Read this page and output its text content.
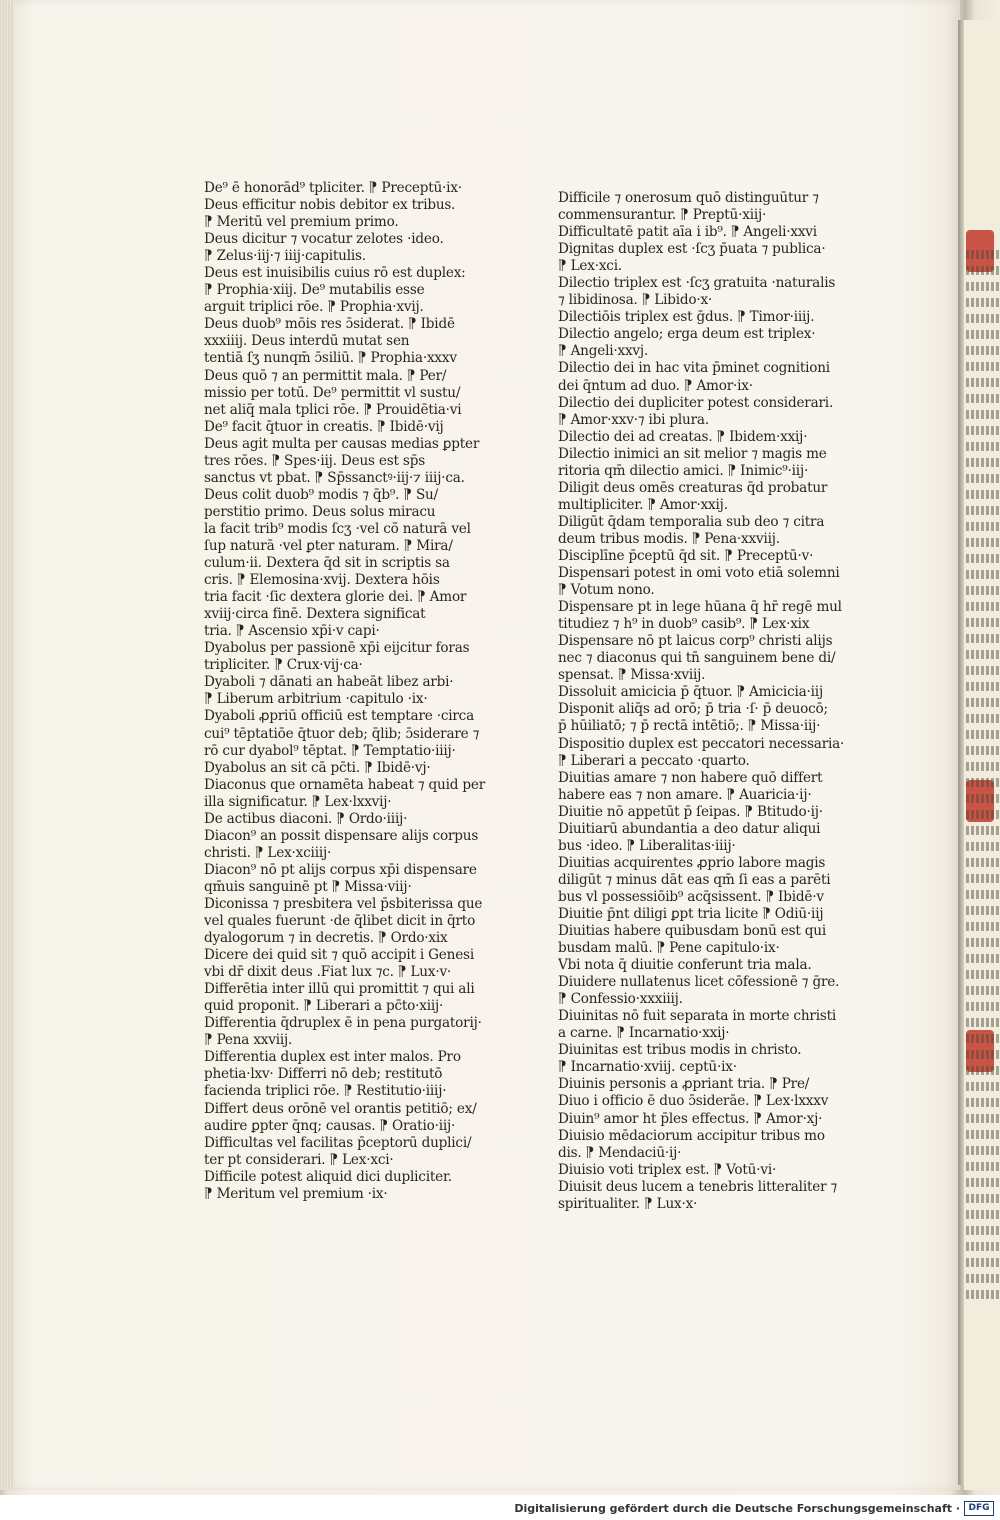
De⁹ ē honorād⁹ t̄pliciter. ⁋ Preceptū·ix·
Deus efficitur nobis debitor ex tribus.
⁋ Meritū vel premium primo.
Deus dicitur ⁊ vocatur zelotes ·ideo.
⁋ Zelus·iij·⁊ iiij·capitulis.
Deus est inuisibilis cuius rō est duplex:
⁋ Prophia·xiij. De⁹ mutabilis esse
arguit̄ triplici rōe. ⁋ Prophia·xvij.
Deus duob⁹ mōis res ɔ̄siderat. ⁋ Ibidē
xxxiiij. Deus interdū mutat sen
tentiā ſʒ nunqm̄ ɔ̄siliū. ⁋ Prophia·xxxv
Deus quō ⁊ an permittit mala. ⁋ Per/
missio per totū. De⁹ permittit vl̄ sustu/
net aliq̄ mala t̄plici rōe. ⁋ Prouidētia·vi
De⁹ facit q̄tuor in creatis. ⁋ Ibidē·vij
Deus agit multa per causas medias ꝑpter
tres rōes. ⁋ Spes·iij. Deus est sp̄s
sanctus vt pbat̄. ⁋ Sp̄ssanctꝰ·iij·⁊ iiij·ca.
Deus colit̄ duob⁹ modis ⁊ q̄b⁹. ⁋ Su/
perstitio primo. Deus solus miracu
la facit trib⁹ modis ſcʒ ·vel cō̄ naturā vel
ſup naturā ·vel ꝑter naturam. ⁋ Mira/
culum·ii. Dextera q̄d sit in scriptis sa
cris. ⁋ Elemosina·xvij. Dextera hōis
tria facit ·ſic dextera glorie dei. ⁋ Amor
xviij·circa finē. Dextera significat
tria. ⁋ Ascensio xp̄i·v capi·
Dyabolus per passionē xp̄i eijcitur foras
tripliciter. ⁋ Crux·vij·ca·
Dyaboli ⁊ dānati an habeāt libez arbi·
⁋ Liberum arbitrium ·capitulo ·ix·
Dyaboli ꝓpriū officiū est temptare ·circa
cui⁹ tēptatiōe q̄tuor deb; q̄lib; ɔ̄siderare ⁊
rō cur dyabol⁹ tēptat. ⁋ Temptatio·iiij·
Dyabolus an sit cā pc̄ti. ⁋ Ibidē·vj·
Diaconus que ornamēta habeat ⁊ quid per
illa significatur. ⁋ Lex·lxxvij·
De actibus diaconi. ⁋ Ordo·iiij·
Diacon⁹ an possit dispensare alijs corpus
christi. ⁋ Lex·xciiij·
Diacon⁹ nō pt̄ alijs corpus xp̄i dispensare
qm̄uis sanguinē pt̄ ⁋ Missa·viij·
Diconissa ⁊ presbitera vel p̄sbiterissa que
vel quales fuerunt ·de q̄libet dicit̄ in q̄rto
dyalogorum ⁊ in decretis. ⁋ Ordo·xix
Dicere dei quid sit ⁊ quō accipit̄ i Genesi
vbi dr̄ dixit deus .Fiat lux ⁊c. ⁋ Lux·v·
Differētia inter illū qui promittit ⁊ qui ali
quid proponit. ⁋ Liberari a pc̄to·xiij·
Differentia q̄druplex ē in pena purgatorij·
⁋ Pena xxviij.
Differentia duplex est inter malos. Pro
phetia·lxv· Differri nō deb; restitutō
facienda triplici rōe. ⁋ Restitutio·iiij·
Differt deus orōnē vel orantis petitiō; ex/
audire ꝑpter q̄nq; causas. ⁋ Oratio·iij·
Difficultas vel facilitas p̄ceptorū duplici/
ter pt̄ considerari. ⁋ Lex·xci·
Difficile potest aliquid dici dupliciter.
⁋ Meritum vel premium ·ix·
Difficile ⁊ onerosum quō distinguūtur ⁊
commensurantur. ⁋ Preptū·xiij·
Difficultatē patit̄ aīa i ib⁹. ⁋ Angeli·xxvi
Dignitas duplex est ·ſcʒ p̄uata ⁊ publica·
⁋ Lex·xci.
Dilectio triplex est ·ſcʒ gratuita ·naturalis
⁊ libidinosa. ⁋ Libido·x·
Dilectiōis triplex est ḡdus. ⁋ Timor·iiij.
Dilectio angelo; erga deum est triplex·
⁋ Angeli·xxvj.
Dilectio dei in hac vita p̄minet cognitioni
dei q̄ntum ad duo. ⁋ Amor·ix·
Dilectio dei dupliciter potest considerari.
⁋ Amor·xxv·⁊ ibi plura.
Dilectio dei ad creatas. ⁋ Ibidem·xxij·
Dilectio inimici an sit melior ⁊ magis me
ritoria qm̄ dilectio amici. ⁋ Inimic⁹·iij·
Diligit deus omēs creaturas q̄d probatur
multipliciter. ⁋ Amor·xxij.
Diligūt q̄dam temporalia sub deo ⁊ citra
deum tribus modis. ⁋ Pena·xxviij.
Disciplīne p̄ceptū q̄d sit. ⁋ Preceptū·v·
Dispensari potest in omi voto etiā solemni
⁋ Votum nono.
Dispensare pt̄ in lege hūana q̄ hr̄ regē mul
titudiez ⁊ h⁹ in duob⁹ casib⁹. ⁋ Lex·xix
Dispensare nō pt̄ laicus corp⁹ christi alijs
nec ⁊ diaconus qui tn̄ sanguinem bene di/
spensat. ⁋ Missa·xviij.
Dissoluit amicicia p̄ q̄tuor. ⁋ Amicicia·iij
Disponit̄ aliq̄s ad orō; p̄ tria ·ſ· p̄ deuocō;
p̄ hūiliatō; ⁊ p̄ rectā intētiō;. ⁋ Missa·iij·
Dispositio duplex est peccatori necessaria·
⁋ Liberari a peccato ·quarto.
Diuitias amare ⁊ non habere quō differt
habere eas ⁊ non amare. ⁋ Auaricia·ij·
Diuitie nō appetūt̄ p̄ ſeipas. ⁋ Btitudo·ij·
Diuitiarū abundantia a deo datur aliqui
bus ·ideo. ⁋ Liberalitas·iiij·
Diuitias acquirentes ꝓprio labore magis
diligūt ⁊ minus dāt eas qm̄ ſi eas a parēti
bus vl̄ possessiōib⁹ acq̄sissent. ⁋ Ibidē·v
Diuitie p̄nt diligi ꝑpt tria licite ⁋ Odiū·iij
Diuitias habere quibusdam bonū est qui
busdam malū. ⁋ Pene capitulo·ix·
Vbi nota q̄ diuitie conferunt tria mala.
Diuidere nullatenus licet cōfessionē ⁊ ḡre.
⁋ Confessio·xxxiiij.
Diuinitas nō fuit separata in morte christi
a carne. ⁋ Incarnatio·xxij·
Diuinitas est tribus modis in christo.
⁋ Incarnatio·xviij. ceptū·ix·
Diuinis personis a ꝓpriant̄ tria. ⁋ Pre/
Diuo i officio ē duo ɔ̄siderāe. ⁋ Lex·lxxxv
Diuin⁹ amor h̄t p̄les effectus. ⁋ Amor·xj·
Diuisio mēdaciorum accipitur tribus mo
dis. ⁋ Mendaciū·ij·
Diuisio voti triplex est. ⁋ Votū·vi·
Diuisit deus lucem a tenebris litteraliter ⁊
spiritualiter. ⁋ Lux·x·
Digitalisierung gefördert durch die Deutsche Forschungsgemeinschaft · DFG
